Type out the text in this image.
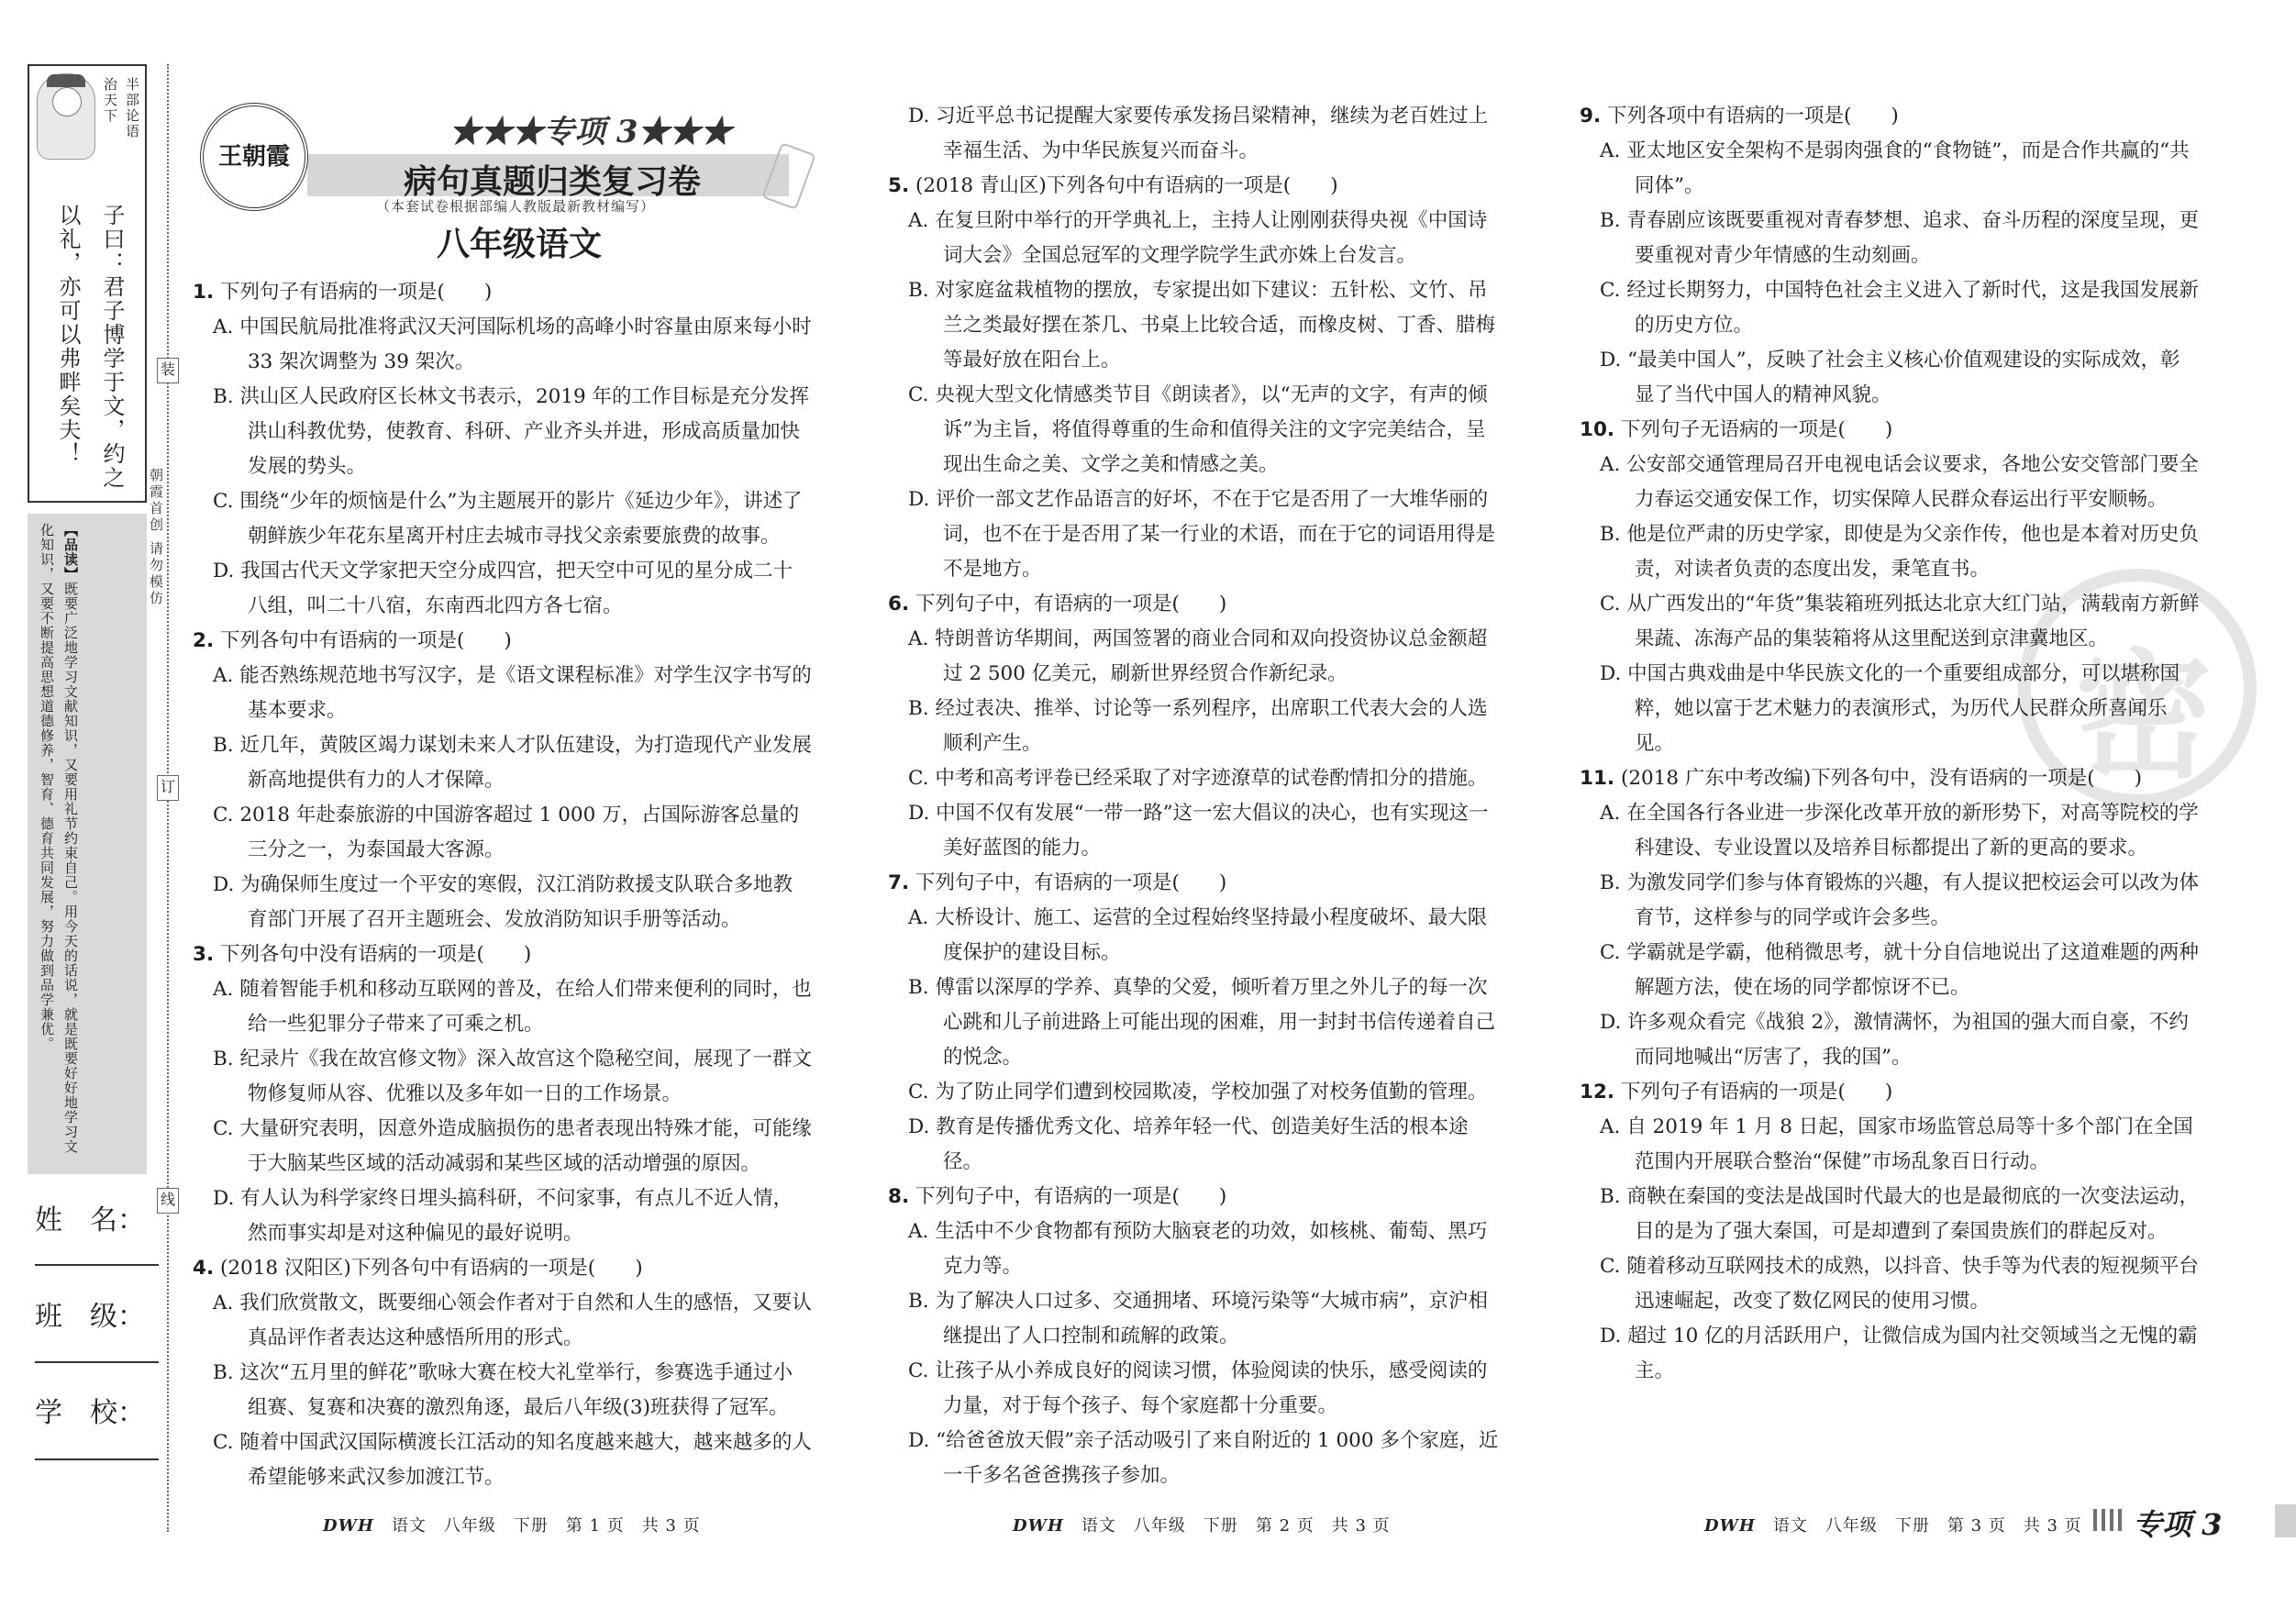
半部论语
治天下
子曰：君子博学于文，约之
以礼，亦可以弗畔矣夫！
【品读】既要广泛地学习文献知识，又要用礼节约束自己。用今天的话说，就是既要好好地学习文化知识，又要不断提高思想道德修养，智育、德育共同发展，努力做到品学兼优。
装
订
线
朝霞首创 请勿模仿
姓　名：
班　级：
学　校：
王朝霞
★★★专项 3★★★
病句真题归类复习卷
（本套试卷根据部编人教版最新教材编写）
八年级语文
密

1. 下列句子有语病的一项是(　　)

A. 中国民航局批准将武汉天河国际机场的高峰小时容量由原来每小时 33 架次调整为 39 架次。

B. 洪山区人民政府区长林文书表示，2019 年的工作目标是充分发挥洪山科教优势，使教育、科研、产业齐头并进，形成高质量加快发展的势头。

C. 围绕“少年的烦恼是什么”为主题展开的影片《延边少年》，讲述了朝鲜族少年花东星离开村庄去城市寻找父亲索要旅费的故事。

D. 我国古代天文学家把天空分成四宫，把天空中可见的星分成二十八组，叫二十八宿，东南西北四方各七宿。

2. 下列各句中有语病的一项是(　　)

A. 能否熟练规范地书写汉字，是《语文课程标准》对学生汉字书写的基本要求。

B. 近几年，黄陂区竭力谋划未来人才队伍建设，为打造现代产业发展新高地提供有力的人才保障。

C. 2018 年赴泰旅游的中国游客超过 1 000 万，占国际游客总量的三分之一，为泰国最大客源。

D. 为确保师生度过一个平安的寒假，汉江消防救援支队联合多地教育部门开展了召开主题班会、发放消防知识手册等活动。

3. 下列各句中没有语病的一项是(　　)

A. 随着智能手机和移动互联网的普及，在给人们带来便利的同时，也给一些犯罪分子带来了可乘之机。

B. 纪录片《我在故宫修文物》深入故宫这个隐秘空间，展现了一群文物修复师从容、优雅以及多年如一日的工作场景。

C. 大量研究表明，因意外造成脑损伤的患者表现出特殊才能，可能缘于大脑某些区域的活动减弱和某些区域的活动增强的原因。

D. 有人认为科学家终日埋头搞科研，不问家事，有点儿不近人情，然而事实却是对这种偏见的最好说明。

4. (2018 汉阳区)下列各句中有语病的一项是(　　)

A. 我们欣赏散文，既要细心领会作者对于自然和人生的感悟，又要认真品评作者表达这种感悟所用的形式。

B. 这次“五月里的鲜花”歌咏大赛在校大礼堂举行，参赛选手通过小组赛、复赛和决赛的激烈角逐，最后八年级(3)班获得了冠军。

C. 随着中国武汉国际横渡长江活动的知名度越来越大，越来越多的人希望能够来武汉参加渡江节。

D. 习近平总书记提醒大家要传承发扬吕梁精神，继续为老百姓过上幸福生活、为中华民族复兴而奋斗。

5. (2018 青山区)下列各句中有语病的一项是(　　)

A. 在复旦附中举行的开学典礼上，主持人让刚刚获得央视《中国诗词大会》全国总冠军的文理学院学生武亦姝上台发言。

B. 对家庭盆栽植物的摆放，专家提出如下建议：五针松、文竹、吊兰之类最好摆在茶几、书桌上比较合适，而橡皮树、丁香、腊梅等最好放在阳台上。

C. 央视大型文化情感类节目《朗读者》，以“无声的文字，有声的倾诉”为主旨，将值得尊重的生命和值得关注的文字完美结合，呈现出生命之美、文学之美和情感之美。

D. 评价一部文艺作品语言的好坏，不在于它是否用了一大堆华丽的词，也不在于是否用了某一行业的术语，而在于它的词语用得是不是地方。

6. 下列句子中，有语病的一项是(　　)

A. 特朗普访华期间，两国签署的商业合同和双向投资协议总金额超过 2 500 亿美元，刷新世界经贸合作新纪录。

B. 经过表决、推举、讨论等一系列程序，出席职工代表大会的人选顺利产生。

C. 中考和高考评卷已经采取了对字迹潦草的试卷酌情扣分的措施。

D. 中国不仅有发展“一带一路”这一宏大倡议的决心，也有实现这一美好蓝图的能力。

7. 下列句子中，有语病的一项是(　　)

A. 大桥设计、施工、运营的全过程始终坚持最小程度破坏、最大限度保护的建设目标。

B. 傅雷以深厚的学养、真挚的父爱，倾听着万里之外儿子的每一次心跳和儿子前进路上可能出现的困难，用一封封书信传递着自己的悦念。

C. 为了防止同学们遭到校园欺凌，学校加强了对校务值勤的管理。

D. 教育是传播优秀文化、培养年轻一代、创造美好生活的根本途径。

8. 下列句子中，有语病的一项是(　　)

A. 生活中不少食物都有预防大脑衰老的功效，如核桃、葡萄、黑巧克力等。

B. 为了解决人口过多、交通拥堵、环境污染等“大城市病”，京沪相继提出了人口控制和疏解的政策。

C. 让孩子从小养成良好的阅读习惯，体验阅读的快乐，感受阅读的力量，对于每个孩子、每个家庭都十分重要。

D. “给爸爸放天假”亲子活动吸引了来自附近的 1 000 多个家庭，近一千多名爸爸携孩子参加。

9. 下列各项中有语病的一项是(　　)

A. 亚太地区安全架构不是弱肉强食的“食物链”，而是合作共赢的“共同体”。

B. 青春剧应该既要重视对青春梦想、追求、奋斗历程的深度呈现，更要重视对青少年情感的生动刻画。

C. 经过长期努力，中国特色社会主义进入了新时代，这是我国发展新的历史方位。

D. “最美中国人”，反映了社会主义核心价值观建设的实际成效，彰显了当代中国人的精神风貌。

10. 下列句子无语病的一项是(　　)

A. 公安部交通管理局召开电视电话会议要求，各地公安交管部门要全力春运交通安保工作，切实保障人民群众春运出行平安顺畅。

B. 他是位严肃的历史学家，即使是为父亲作传，他也是本着对历史负责，对读者负责的态度出发，秉笔直书。

C. 从广西发出的“年货”集装箱班列抵达北京大红门站，满载南方新鲜果蔬、冻海产品的集装箱将从这里配送到京津冀地区。

D. 中国古典戏曲是中华民族文化的一个重要组成部分，可以堪称国粹，她以富于艺术魅力的表演形式，为历代人民群众所喜闻乐见。

11. (2018 广东中考改编)下列各句中，没有语病的一项是(　　)

A. 在全国各行各业进一步深化改革开放的新形势下，对高等院校的学科建设、专业设置以及培养目标都提出了新的更高的要求。

B. 为激发同学们参与体育锻炼的兴趣，有人提议把校运会可以改为体育节，这样参与的同学或许会多些。

C. 学霸就是学霸，他稍微思考，就十分自信地说出了这道难题的两种解题方法，使在场的同学都惊讶不已。

D. 许多观众看完《战狼 2》，激情满怀，为祖国的强大而自豪，不约而同地喊出“厉害了，我的国”。

12. 下列句子有语病的一项是(　　)

A. 自 2019 年 1 月 8 日起，国家市场监管总局等十多个部门在全国范围内开展联合整治“保健”市场乱象百日行动。

B. 商鞅在秦国的变法是战国时代最大的也是最彻底的一次变法运动，目的是为了强大秦国，可是却遭到了秦国贵族们的群起反对。

C. 随着移动互联网技术的成熟，以抖音、快手等为代表的短视频平台迅速崛起，改变了数亿网民的使用习惯。

D. 超过 10 亿的月活跃用户，让微信成为国内社交领域当之无愧的霸主。

DWH　 语文　八年级　下册　第 1 页　共 3 页	DWH　 语文　八年级　下册　第 2 页　共 3 页	DWH　 语文　八年级　下册　第 3 页　共 3 页 专项 3
